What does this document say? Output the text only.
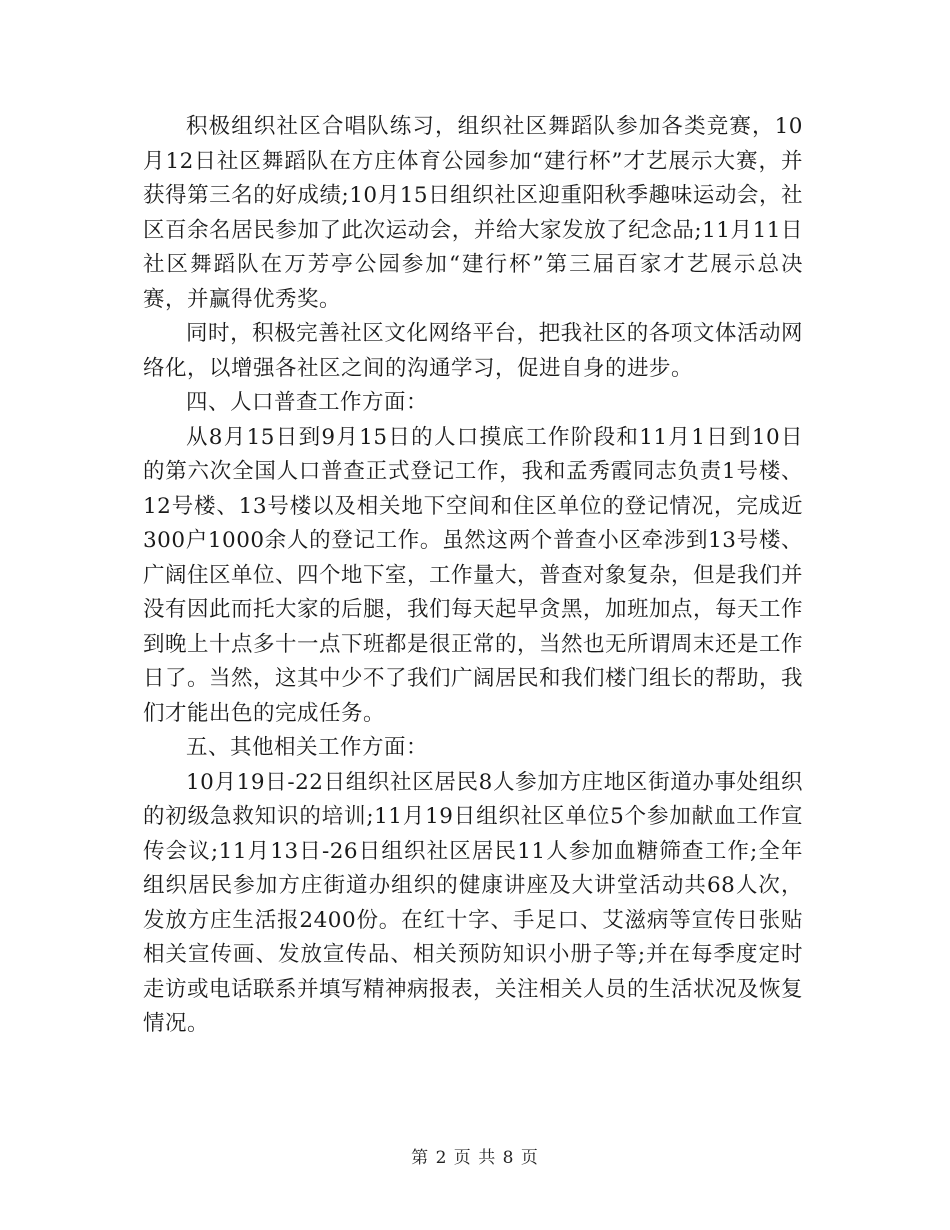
积极组织社区合唱队练习，组织社区舞蹈队参加各类竞赛，10月12日社区舞蹈队在方庄体育公园参加“建行杯”才艺展示大赛，并获得第三名的好成绩;10月15日组织社区迎重阳秋季趣味运动会，社区百余名居民参加了此次运动会，并给大家发放了纪念品;11月11日社区舞蹈队在万芳亭公园参加“建行杯”第三届百家才艺展示总决赛，并赢得优秀奖。

同时，积极完善社区文化网络平台，把我社区的各项文体活动网络化，以增强各社区之间的沟通学习，促进自身的进步。

四、人口普查工作方面：

从8月15日到9月15日的人口摸底工作阶段和11月1日到10日的第六次全国人口普查正式登记工作，我和孟秀霞同志负责1号楼、12号楼、13号楼以及相关地下空间和住区单位的登记情况，完成近300户1000余人的登记工作。虽然这两个普查小区牵涉到13号楼、广阔住区单位、四个地下室，工作量大，普查对象复杂，但是我们并没有因此而托大家的后腿，我们每天起早贪黑，加班加点，每天工作到晚上十点多十一点下班都是很正常的，当然也无所谓周末还是工作日了。当然，这其中少不了我们广阔居民和我们楼门组长的帮助，我们才能出色的完成任务。

五、其他相关工作方面：

10月19日-22日组织社区居民8人参加方庄地区街道办事处组织的初级急救知识的培训;11月19日组织社区单位5个参加献血工作宣传会议;11月13日-26日组织社区居民11人参加血糖筛查工作;全年组织居民参加方庄街道办组织的健康讲座及大讲堂活动共68人次，发放方庄生活报2400份。在红十字、手足口、艾滋病等宣传日张贴相关宣传画、发放宣传品、相关预防知识小册子等;并在每季度定时走访或电话联系并填写精神病报表，关注相关人员的生活状况及恢复情况。

第 2 页 共 8 页
